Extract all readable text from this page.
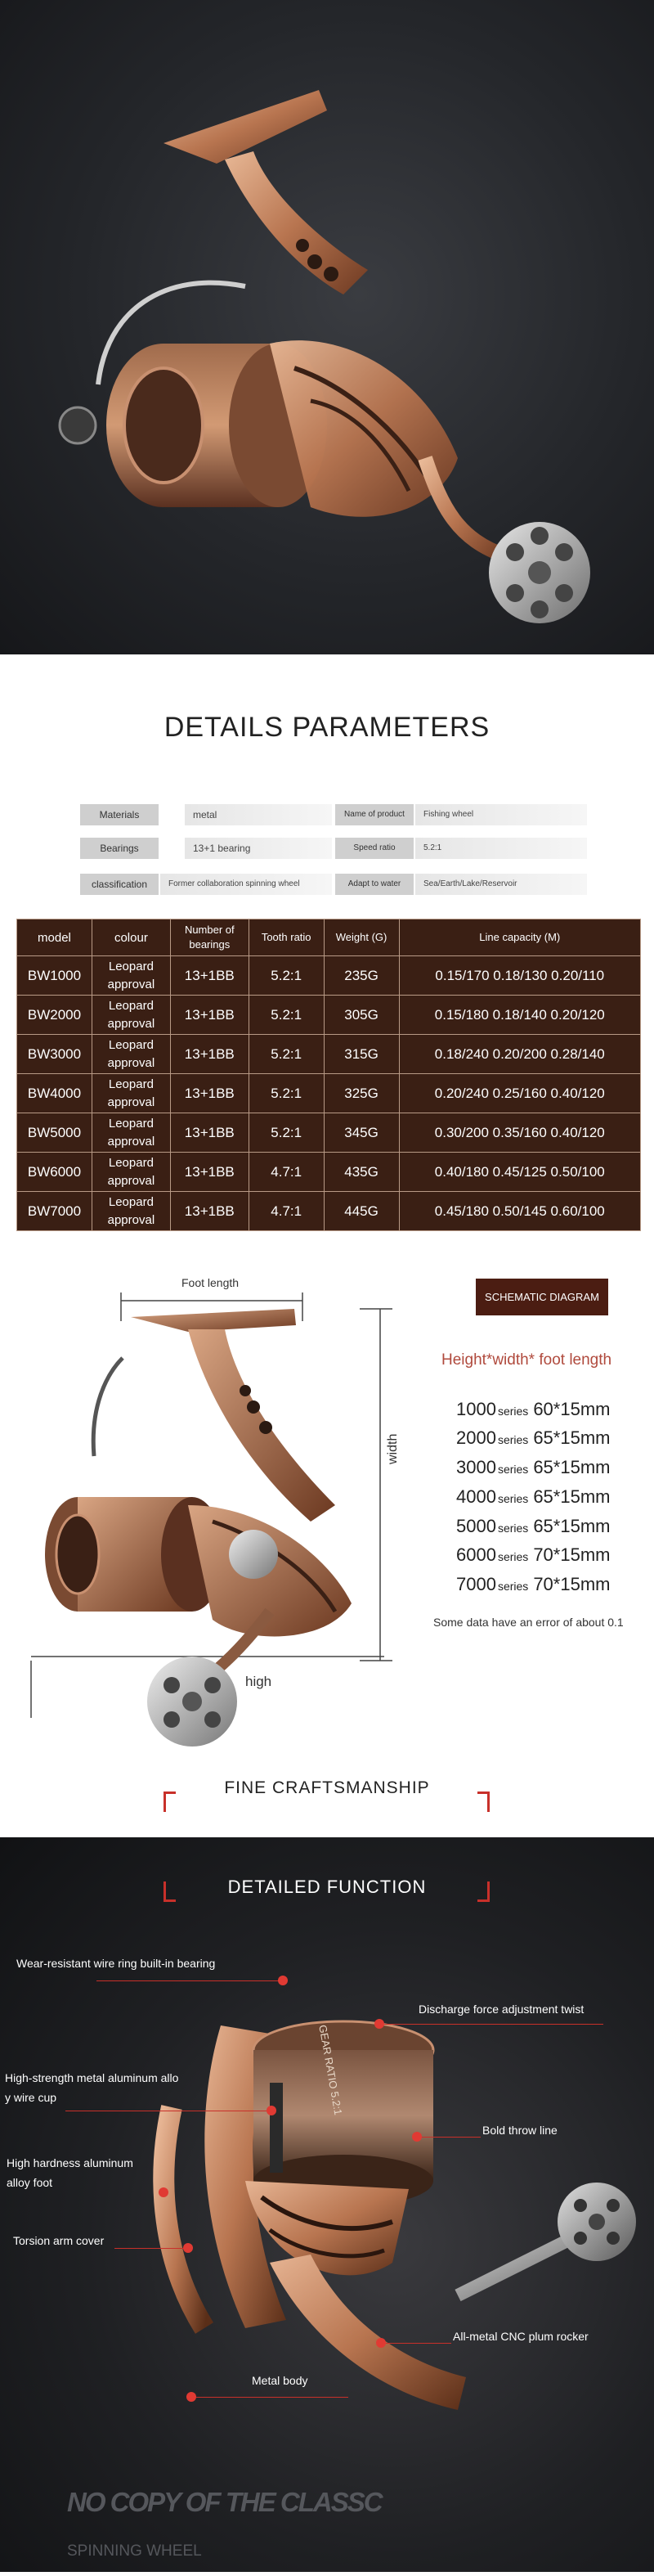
DETAILS PARAMETERS
Materials	metal	Name of product	Fishing wheel
Bearings	13+1 bearing	Speed ratio	5.2:1
classification	Former collaboration spinning wheel	Adapt to water	Sea/Earth/Lake/Reservoir
model	colour	Number of bearings	Tooth ratio	Weight (G)	Line capacity (M)
BW1000	Leopard approval	13+1BB	5.2:1	235G	0.15/170 0.18/130 0.20/110
BW2000	Leopard approval	13+1BB	5.2:1	305G	0.15/180 0.18/140 0.20/120
BW3000	Leopard approval	13+1BB	5.2:1	315G	0.18/240 0.20/200 0.28/140
BW4000	Leopard approval	13+1BB	5.2:1	325G	0.20/240 0.25/160 0.40/120
BW5000	Leopard approval	13+1BB	5.2:1	345G	0.30/200 0.35/160 0.40/120
BW6000	Leopard approval	13+1BB	4.7:1	435G	0.40/180 0.45/125 0.50/100
BW7000	Leopard approval	13+1BB	4.7:1	445G	0.45/180 0.50/145 0.60/100
Foot length
width
high
SCHEMATIC DIAGRAM
Height*width* foot length
1000 series 60*15mm
2000 series 65*15mm
3000 series 65*15mm
4000 series 65*15mm
5000 series 65*15mm
6000 series 70*15mm
7000 series 70*15mm
Some data have an error of about 0.1
FINE CRAFTSMANSHIP
DETAILED FUNCTION
GEAR RATIO 5.2:1
Wear-resistant wire ring built-in bearing
High-strength metal aluminum allo
y wire cup
High hardness aluminum
alloy foot
Torsion arm cover
Metal body
Discharge force adjustment twist
Bold throw line
All-metal CNC plum rocker
NO COPY OF THE CLASSC
SPINNING WHEEL
